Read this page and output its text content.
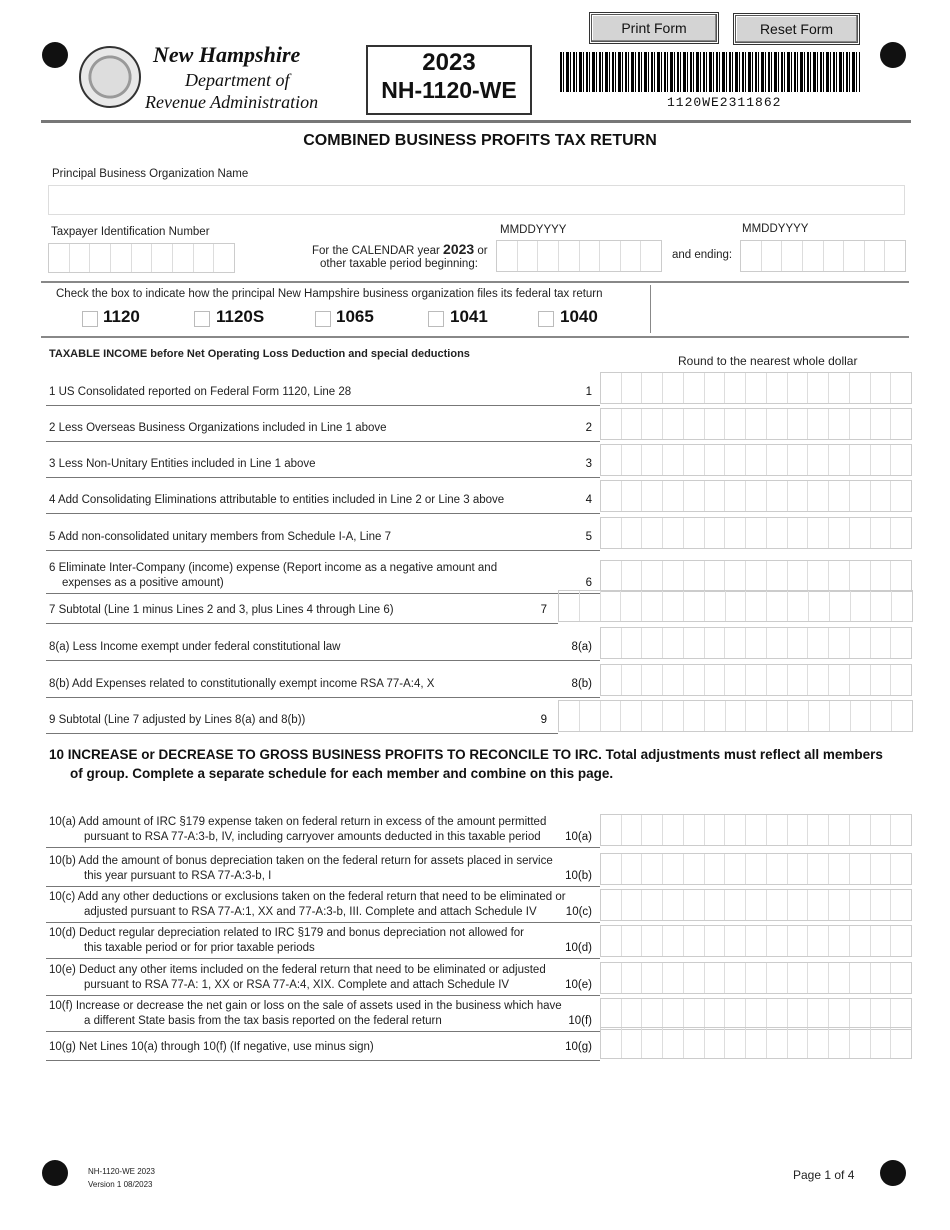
Print Form	Reset Form
New Hampshire
Department of
Revenue Administration
2023
NH-1120-WE	1120WE2311862
COMBINED BUSINESS PROFITS TAX RETURN
Principal Business Organization Name
Taxpayer Identification Number
For the CALENDAR year 2023 or
other taxable period beginning:
MMDDYYYY
and ending:
MMDDYYYY
Check the box to indicate how the principal New Hampshire business organization files its federal tax return
1120	1120S	1065	1041	1040
TAXABLE INCOME before Net Operating Loss Deduction and special deductions	Round to the nearest whole dollar
1 US Consolidated reported on Federal Form 1120, Line 28	1
2 Less Overseas Business Organizations included in Line 1 above	2
3 Less Non-Unitary Entities included in Line 1 above	3
4 Add Consolidating Eliminations attributable to entities included in Line 2 or Line 3 above	4
5 Add non-consolidated unitary members from Schedule I-A, Line 7	5
6 Eliminate Inter-Company (income) expense (Report income as a negative amount and
expenses as a positive amount)	6
7 Subtotal (Line 1 minus Lines 2 and 3, plus Lines 4 through Line 6)	7
8(a) Less Income exempt under federal constitutional law	8(a)
8(b) Add Expenses related to constitutionally exempt income RSA 77-A:4, X	8(b)
9 Subtotal (Line 7 adjusted by Lines 8(a) and 8(b))	9
10 INCREASE or DECREASE TO GROSS BUSINESS PROFITS TO RECONCILE TO IRC. Total adjustments must reflect all members
of group. Complete a separate schedule for each member and combine on this page.
10(a) Add amount of IRC §179 expense taken on federal return in excess of the amount permitted
pursuant to RSA 77-A:3-b, IV, including carryover amounts deducted in this taxable period 10(a)
10(b) Add the amount of bonus depreciation taken on the federal return for assets placed in service
this year pursuant to RSA 77-A:3-b, I	10(b)
10(c) Add any other deductions or exclusions taken on the federal return that need to be eliminated or
adjusted pursuant to RSA 77-A:1, XX and 77-A:3-b, III. Complete and attach Schedule IV	10(c)
10(d) Deduct regular depreciation related to IRC §179 and bonus depreciation not allowed for
this taxable period or for prior taxable periods	10(d)
10(e) Deduct any other items included on the federal return that need to be eliminated or adjusted
pursuant to RSA 77-A: 1, XX or RSA 77-A:4, XIX. Complete and attach Schedule IV	10(e)
10(f) Increase or decrease the net gain or loss on the sale of assets used in the business which have
a different State basis from the tax basis reported on the federal return	10(f)
10(g) Net Lines 10(a) through 10(f) (If negative, use minus sign)	10(g)
NH-1120-WE 2023
Version 1 08/2023
Page 1 of 4
